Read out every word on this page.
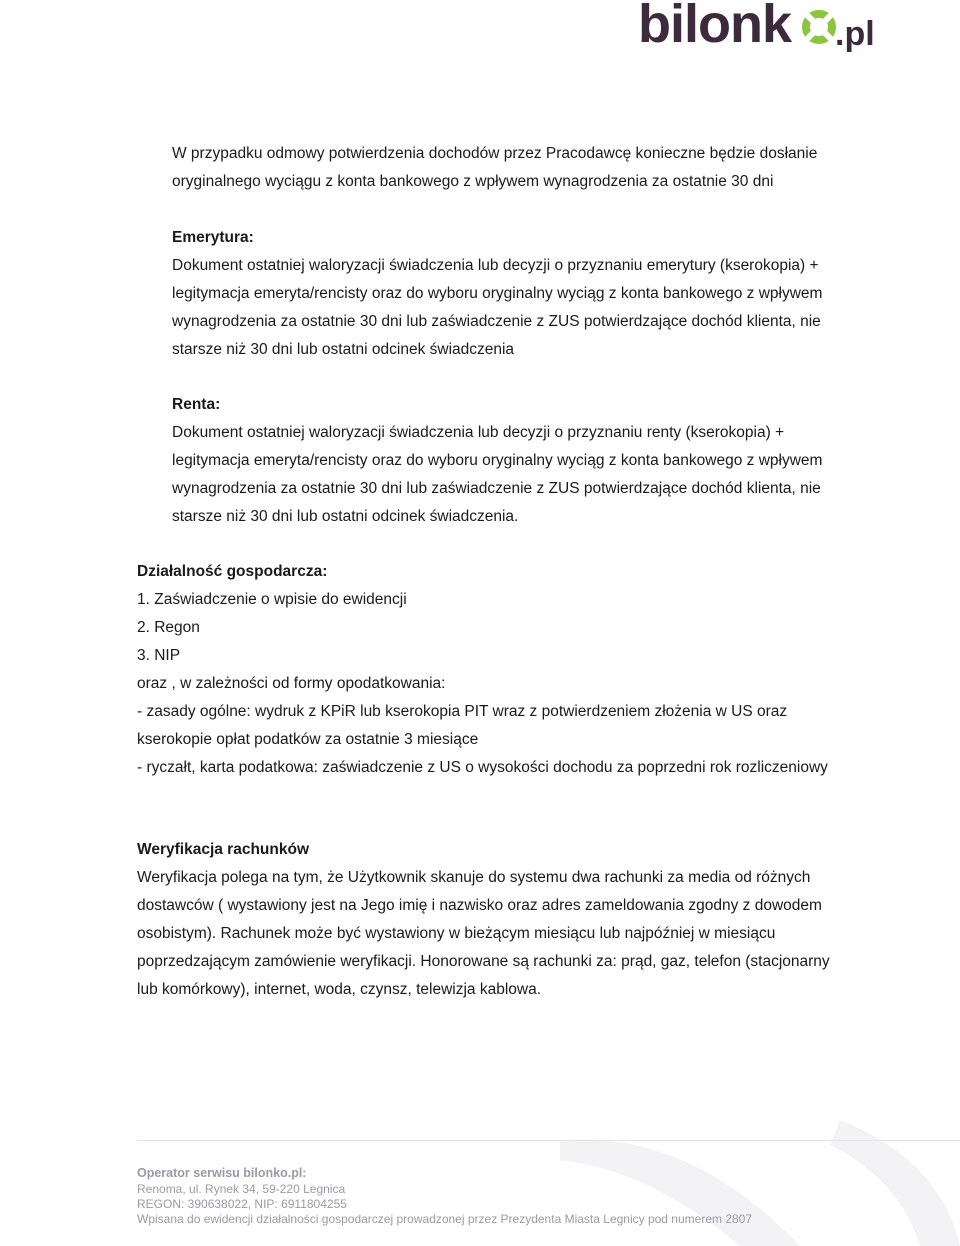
bilonk .pl
W przypadku odmowy potwierdzenia dochodów przez Pracodawcę konieczne będzie dosłanie
oryginalnego wyciągu z konta bankowego z wpływem wynagrodzenia za ostatnie 30 dni
Emerytura:
Dokument ostatniej waloryzacji świadczenia lub decyzji o przyznaniu emerytury (kserokopia) +
legitymacja emeryta/rencisty oraz do wyboru oryginalny wyciąg z konta bankowego z wpływem
wynagrodzenia za ostatnie 30 dni lub zaświadczenie z ZUS potwierdzające dochód klienta, nie
starsze niż 30 dni lub ostatni odcinek świadczenia
Renta:
Dokument ostatniej waloryzacji świadczenia lub decyzji o przyznaniu renty (kserokopia) +
legitymacja emeryta/rencisty oraz do wyboru oryginalny wyciąg z konta bankowego z wpływem
wynagrodzenia za ostatnie 30 dni lub zaświadczenie z ZUS potwierdzające dochód klienta, nie
starsze niż 30 dni lub ostatni odcinek świadczenia.
Działalność gospodarcza:
1. Zaświadczenie o wpisie do ewidencji
2. Regon
3. NIP
oraz , w zależności od formy opodatkowania:
- zasady ogólne: wydruk z KPiR lub kserokopia PIT wraz z potwierdzeniem złożenia w US oraz
kserokopie opłat podatków za ostatnie 3 miesiące
- ryczałt, karta podatkowa: zaświadczenie z US o wysokości dochodu za poprzedni rok rozliczeniowy
Weryfikacja rachunków
Weryfikacja polega na tym, że Użytkownik skanuje do systemu dwa rachunki za media od różnych
dostawców ( wystawiony jest na Jego imię i nazwisko oraz adres zameldowania zgodny z dowodem
osobistym). Rachunek może być wystawiony w bieżącym miesiącu lub najpóźniej w miesiącu
poprzedzającym zamówienie weryfikacji. Honorowane są rachunki za: prąd, gaz, telefon (stacjonarny
lub komórkowy), internet, woda, czynsz, telewizja kablowa.
Operator serwisu bilonko.pl:
Renoma, ul. Rynek 34, 59-220 Legnica
REGON: 390638022, NIP: 6911804255
Wpisana do ewidencji działalności gospodarczej prowadzonej przez Prezydenta Miasta Legnicy pod numerem 2807
